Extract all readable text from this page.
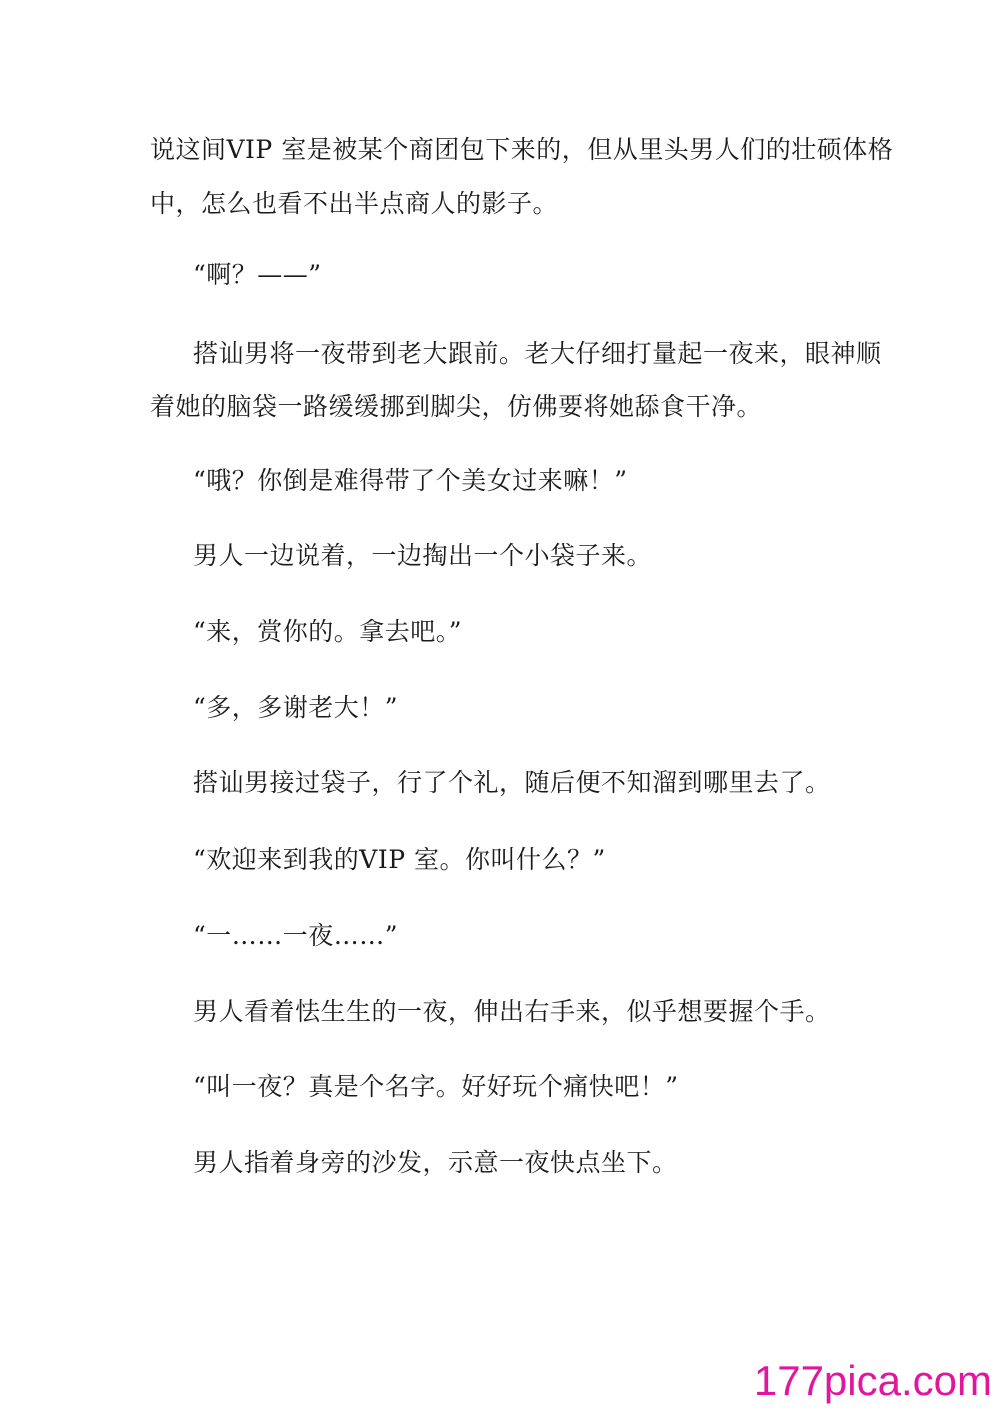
说这间VIP 室是被某个商团包下来的，但从里头男人们的壮硕体格

中，怎么也看不出半点商人的影子。

“啊？——”

搭讪男将一夜带到老大跟前。老大仔细打量起一夜来，眼神顺

着她的脑袋一路缓缓挪到脚尖，仿佛要将她舔食干净。

“哦？你倒是难得带了个美女过来嘛！”

男人一边说着，一边掏出一个小袋子来。

“来，赏你的。拿去吧。”

“多，多谢老大！”

搭讪男接过袋子，行了个礼，随后便不知溜到哪里去了。

“欢迎来到我的VIP 室。你叫什么？”

“一……一夜……”

男人看着怯生生的一夜，伸出右手来，似乎想要握个手。

“叫一夜？真是个名字。好好玩个痛快吧！”

男人指着身旁的沙发，示意一夜快点坐下。

177pica.com
